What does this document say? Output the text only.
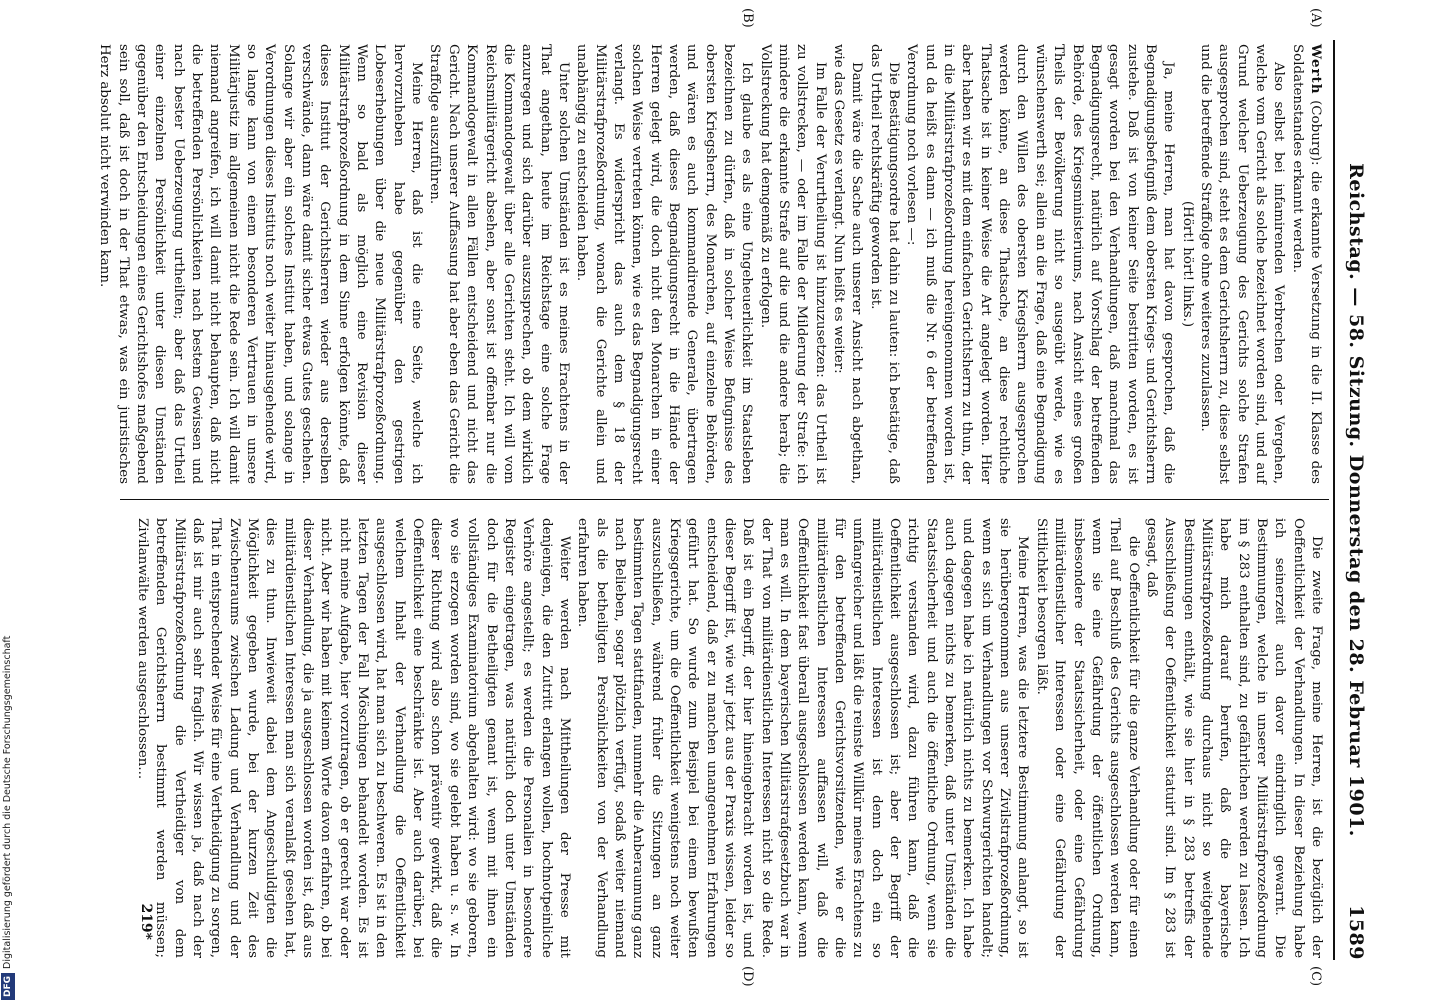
Reichstag. — 58. Sitzung. Donnerstag den 28. Februar 1901.
1589
(A)
(B)
(C)
(D)

Werth (Coburg): die erkannte Versetzung in die II. Klasse des Soldatenstandes erkannt werden.

Also selbst bei infamirenden Verbrechen oder Vergehen, welche vom Gericht als solche bezeichnet worden sind, und auf Grund welcher Ueberzeugung des Gerichts solche Strafen ausgesprochen sind, steht es dem Gerichtsherrn zu, diese selbst und die betreffende Straffolge ohne weiteres zuzulassen.

(Hört! hört! links.)

Ja, meine Herren, man hat davon gesprochen, daß die Begnadigungsbefugniß dem obersten Kriegs- und Gerichtsherrn zustehe. Daß ist von keiner Seite bestritten worden, es ist gesagt worden bei den Verhandlungen, daß manchmal das Begnadigungsrecht, natürlich auf Vorschlag der betreffenden Behörde, des Kriegsministeriums, nach Ansicht eines großen Theils der Bevölkerung nicht so ausgeübt werde, wie es wünschenswerth sei; allein an die Frage, daß eine Begnadigung durch den Willen des obersten Kriegsherrn ausgesprochen werden könne, an diese Thatsache, an diese rechtliche Thatsache ist in keiner Weise die Art angelegt worden. Hier aber haben wir es mit dem einfachen Gerichtsherrn zu thun, der in die Militärstrafprozeßordnung hereingenommen worden ist, und da heißt es dann — ich muß die Nr. 6 der betreffenden Verordnung noch vorlesen —:

Die Bestätigungsordre hat dahin zu lauten: ich bestätige, daß das Urtheil rechtskräftig geworden ist.

Damit wäre die Sache auch unserer Ansicht nach abgethan, wie das Gesetz es verlangt. Nun heißt es weiter:

Im Falle der Verurtheilung ist hinzuzusetzen: das Urtheil ist zu vollstrecken, — oder im Falle der Milderung der Strafe: ich mindere die erkannte Strafe auf die und die andere herab; die Vollstreckung hat demgemäß zu erfolgen.

Ich glaube es als eine Ungeheuerlichkeit im Staatsleben bezeichnen zu dürfen, daß in solcher Weise Befugnisse des obersten Kriegsherrn, des Monarchen, auf einzelne Behörden, und wären es auch kommandirende Generale, übertragen werden, daß dieses Begnadigungsrecht in die Hände der Herren gelegt wird, die doch nicht den Monarchen in einer solchen Weise vertreten können, wie es das Begnadigungsrecht verlangt. Es widerspricht das auch dem § 18 der Militärstrafprozeßordnung, wonach die Gerichte allein und unabhängig zu entscheiden haben.

Unter solchen Umständen ist es meines Erachtens in der That angethan, heute im Reichstage eine solche Frage anzuregen und sich darüber auszusprechen, ob dem wirklich die Kommandogewalt über alle Gerichten steht. Ich will vom Reichsmilitärgericht absehen, aber sonst ist offenbar nur die Kommandogewalt in allen Fällen entscheidend und nicht das Gericht. Nach unserer Auffassung hat aber eben das Gericht die Straffolge auszuführen.

Meine Herren, daß ist die eine Seite, welche ich hervorzuheben habe gegenüber den gestrigen Lobeserhebungen über die neue Militärstrafprozeßordnung. Wenn so bald als möglich eine Revision dieser Militärstrafprozeßordnung in dem Sinne erfolgen könnte, daß dieses Institut der Gerichtsherren wieder aus derselben verschwände, dann wäre damit sicher etwas Gutes geschehen. Solange wir aber ein solches Institut haben, und solange in Verordnungen dieses Instituts noch weiter hinausgehende wird, so lange kann von einem besonderen Vertrauen in unsere Militärjustiz im allgemeinen nicht die Rede sein. Ich will damit niemand angreifen, ich will damit nicht behaupten, daß nicht die betreffenden Persönlichkeiten nach bestem Gewissen und nach bester Ueberzeugung urtheilten; aber daß das Urtheil einer einzelnen Persönlichkeit unter diesen Umständen gegenüber den Entscheidungen eines Gerichtshofes maßgebend sein soll, daß ist doch in der That etwas, was ein juristisches Herz absolut nicht verwinden kann.

Die zweite Frage, meine Herren, ist die bezüglich der Oeffentlichkeit der Verhandlungen. In dieser Beziehung habe ich seinerzeit auch davor eindringlich gewarnt. Die Bestimmungen, welche in unserer Militärstrafprozeßordnung im § 283 enthalten sind, zu gefährlichen werden zu lassen. Ich habe mich darauf berufen, daß die bayerische Militärstrafprozeßordnung durchaus nicht so weitgehende Bestimmungen enthält, wie sie hier in § 283 betreffs der Ausschließung der Oeffentlichkeit statuirt sind. Im § 283 ist gesagt, daß

die Oeffentlichkeit für die ganze Verhandlung oder für einen Theil auf Beschluß des Gerichts ausgeschlossen werden kann, wenn sie eine Gefährdung der öffentlichen Ordnung, insbesondere der Staatssicherheit, oder eine Gefährdung militärdienstlicher Interessen oder eine Gefährdung der Sittlichkeit besorgen läßt.

Meine Herren, was die letztere Bestimmung anlangt, so ist sie herübergenommen aus unserer Zivilstrafprozeßordnung, wenn es sich um Verhandlungen vor Schwurgerichten handelt; und dagegen habe ich natürlich nichts zu bemerken. Ich habe auch dagegen nichts zu bemerken, daß unter Umständen die Staatssicherheit und auch die öffentliche Ordnung, wenn sie richtig verstanden wird, dazu führen kann, daß die Oeffentlichkeit ausgeschlossen ist; aber der Begriff der militärdienstlichen Interessen ist denn doch ein so umfangreicher und läßt die reinste Willkür meines Erachtens zu für den betreffenden Gerichtsvorsitzenden, wie er die militärdienstlichen Interessen auffassen will, daß die Oeffentlichkeit fast überall ausgeschlossen werden kann, wenn man es will. In dem bayerischen Militärstrafgesetzbuch war in der That von militärdienstlichen Interessen nicht so die Rede. Daß ist ein Begriff, der hier hineingebracht worden ist, und dieser Begriff ist, wie wir jetzt aus der Praxis wissen, leider so entscheidend, daß er zu manchen unangenehmen Erfahrungen geführt hat. So wurde zum Beispiel bei einem bewußten Kriegsgerichte, um die Oeffentlichkeit wenigstens noch weiter auszuschließen, während früher die Sitzungen an ganz bestimmten Tagen stattfanden, nunmehr die Anberaumung ganz nach Belieben, sogar plötzlich verfügt, sodaß weiter niemand als die betheiligten Persönlichkeiten von der Verhandlung erfahren haben.

Weiter werden nach Mittheilungen der Presse mit denjenigen, die den Zutritt erlangen wollen, hochnotpeinliche Verhöre angestellt; es werden die Personalien in besondere Register eingetragen, was natürlich doch unter Umständen doch für die Betheiligten genant ist, wenn mit ihnen ein vollständiges Examinatorium abgehalten wird: wo sie geboren, wo sie erzogen worden sind, wo sie gelebt haben u. s. w. In dieser Richtung wird also schon präventiv gewirkt, daß die Oeffentlichkeit eine beschränkte ist. Aber auch darüber, bei welchem Inhalt der Verhandlung die Oeffentlichkeit ausgeschlossen wird, hat man sich zu beschweren. Es ist in den letzten Tagen der Fall Möschingen behandelt worden. Es ist nicht meine Aufgabe, hier vorzutragen, ob er gerecht war oder nicht. Aber wir haben mit keinem Worte davon erfahren, ob bei dieser Verhandlung, die ja ausgeschlossen worden ist, daß aus militärdienstlichen Interessen man sich veranlaßt gesehen hat, dies zu thun. Inwieweit dabei dem Angeschuldigten die Möglichkeit gegeben wurde, bei der kurzen Zeit des Zwischenraums zwischen Ladung und Verhandlung und der That in entsprechender Weise für eine Vertheidigung zu sorgen, daß ist mir auch sehr fraglich. Wir wissen ja, daß nach der Militärstrafprozeßordnung die Vertheidiger von dem betreffenden Gerichtsherrn bestimmt werden müssen; Zivilanwälte werden ausgeschlossen...

219*
DFGDigitalisierung gefördert durch die Deutsche Forschungsgemeinschaft
